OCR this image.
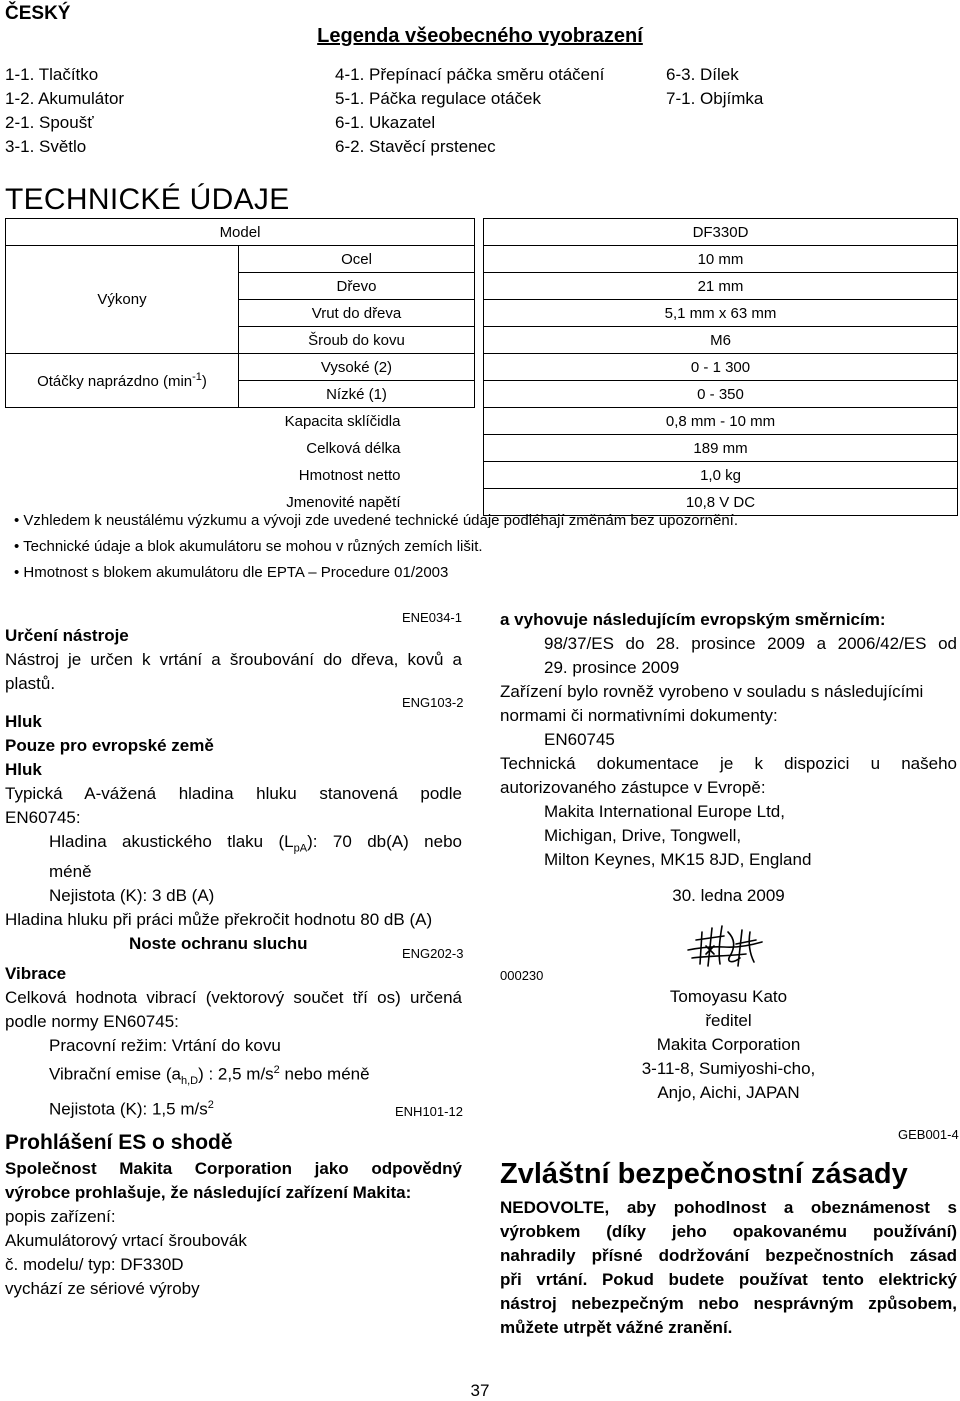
ČESKÝ
Legenda všeobecného vyobrazení
1-1. Tlačítko
1-2. Akumulátor
2-1. Spoušť
3-1. Světlo
4-1. Přepínací páčka směru otáčení
5-1. Páčka regulace otáček
6-1. Ukazatel
6-2. Stavěcí prstenec
6-3. Dílek
7-1. Objímka
TECHNICKÉ ÚDAJE
Model				DF330D
Výkony	Ocel			10 mm
	Dřevo			21 mm
	Vrut do dřeva			5,1 mm x 63 mm
	Šroub do kovu			M6
Otáčky naprázdno $(\min^{-1})$	Vysoké (2)			0 - 1 300
	Nízké (1)			0 - 350
Kapacita sklíčidla				0,8 mm - 10 mm
Celková délka				189 mm
Hmotnost netto				1,0 kg
Jmenovité napětí				10,8 V DC
• Vzhledem k neustálému výzkumu a vývoji zde uvedené technické údaje podléhají změnám bez upozornění.
• Technické údaje a blok akumulátoru se mohou v různých zemích lišit.
• Hmotnost s blokem akumulátoru dle EPTA – Procedure 01/2003
ENE034-1
Určení nástroje
Nástroj je určen k vrtání a šroubování do dřeva, kovů a
plastů.
ENG103-2
Hluk
Pouze pro evropské země
Hluk
Typická A-vážená hladina hluku stanovená podle
EN60745:
Hladina akustického tlaku $(L_{pA})$: 70 db(A) nebo
méně
Nejistota (K): 3 dB (A)
Hladina hluku při práci může překročit hodnotu 80 dB (A)
Noste ochranu sluchu
ENG202-3
Vibrace
Celková hodnota vibrací (vektorový součet tří os) určená
podle normy EN60745:
Pracovní režim: Vrtání do kovu
Vibrační emise $(a_{h,D})$ : 2,5 $m/s^2$ nebo méně
Nejistota (K): 1,5 $m/s^2$	ENH101-12
Prohlášení ES o shodě
Společnost Makita Corporation jako odpovědný
výrobce prohlašuje, že následující zařízení Makita:
popis zařízení:
Akumulátorový vrtací šroubovák
č. modelu/ typ: DF330D
vychází ze sériové výroby
a vyhovuje následujícím evropským směrnicím:
98/37/ES do 28. prosince 2009 a 2006/42/ES od
29. prosince 2009
Zařízení bylo rovněž vyrobeno v souladu s následujícími
normami či normativními dokumenty:
EN60745
Technická dokumentace je k dispozici u našeho
autorizovaného zástupce v Evropě:
Makita International Europe Ltd,
Michigan, Drive, Tongwell,
Milton Keynes, MK15 8JD, England
30. ledna 2009
000230
Tomoyasu Kato
ředitel
Makita Corporation
3-11-8, Sumiyoshi-cho,
Anjo, Aichi, JAPAN
GEB001-4
Zvláštní bezpečnostní zásady
NEDOVOLTE, aby pohodlnost a obeznámenost s
výrobkem (díky jeho opakovanému používání)
nahradily přísné dodržování bezpečnostních zásad
při vrtání. Pokud budete používat tento elektrický
nástroj nebezpečným nebo nesprávným způsobem,
můžete utrpět vážné zranění.
37
